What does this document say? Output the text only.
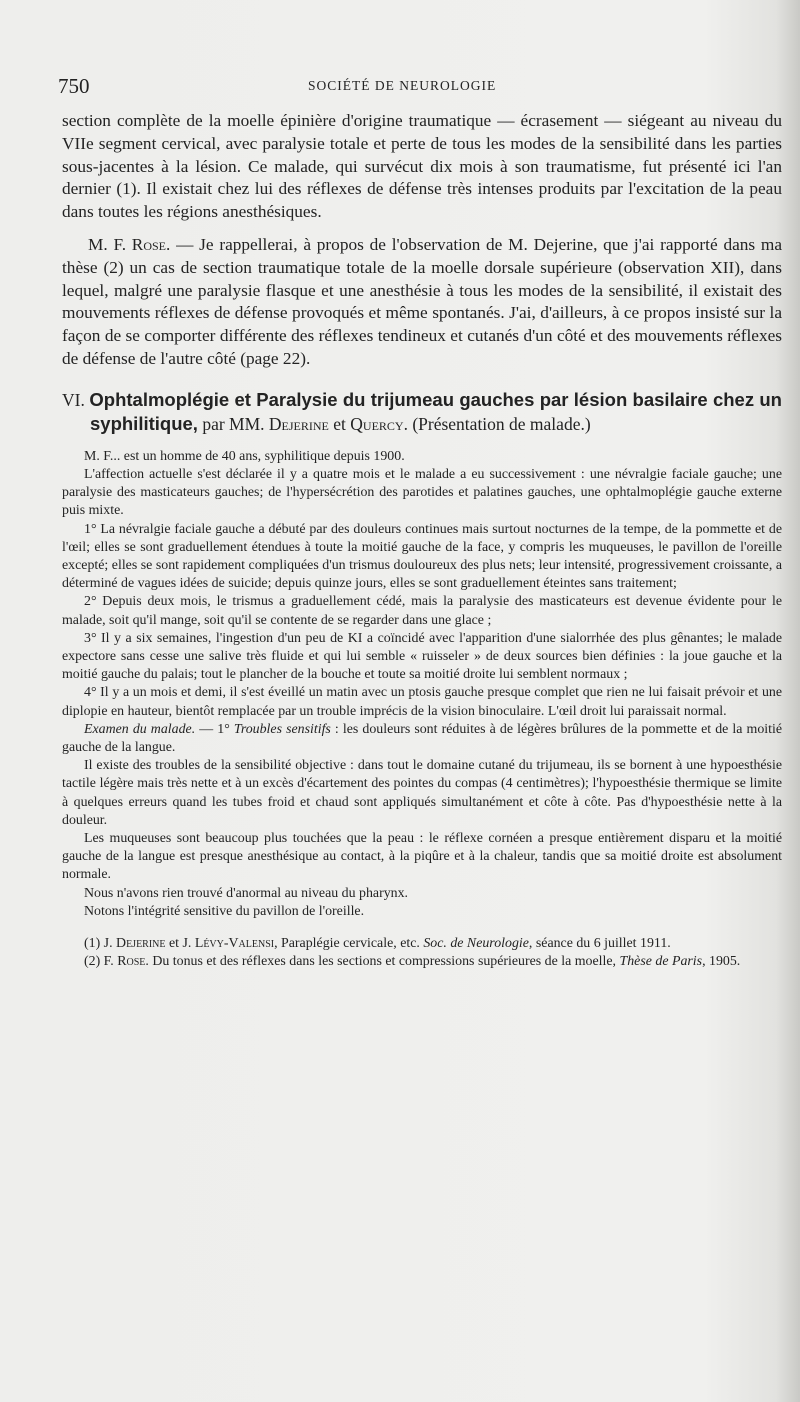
750	SOCIÉTÉ DE NEUROLOGIE

section complète de la moelle épinière d'origine traumatique — écrasement — siégeant au niveau du VIIe segment cervical, avec paralysie totale et perte de tous les modes de la sensibilité dans les parties sous-jacentes à la lésion. Ce malade, qui survécut dix mois à son traumatisme, fut présenté ici l'an dernier (1). Il existait chez lui des réflexes de défense très intenses produits par l'excitation de la peau dans toutes les régions anesthésiques.

M. F. Rose. — Je rappellerai, à propos de l'observation de M. Dejerine, que j'ai rapporté dans ma thèse (2) un cas de section traumatique totale de la moelle dorsale supérieure (observation XII), dans lequel, malgré une paralysie flasque et une anesthésie à tous les modes de la sensibilité, il existait des mouvements réflexes de défense provoqués et même spontanés. J'ai, d'ailleurs, à ce propos insisté sur la façon de se comporter différente des réflexes tendineux et cutanés d'un côté et des mouvements réflexes de défense de l'autre côté (page 22).

VI. Ophtalmoplégie et Paralysie du trijumeau gauches par lésion basilaire chez un syphilitique, par MM. Dejerine et Quercy. (Présentation de malade.)

M. F... est un homme de 40 ans, syphilitique depuis 1900.

L'affection actuelle s'est déclarée il y a quatre mois et le malade a eu successivement : une névralgie faciale gauche; une paralysie des masticateurs gauches; de l'hypersécrétion des parotides et palatines gauches, une ophtalmoplégie gauche externe puis mixte.

1° La névralgie faciale gauche a débuté par des douleurs continues mais surtout nocturnes de la tempe, de la pommette et de l'œil; elles se sont graduellement étendues à toute la moitié gauche de la face, y compris les muqueuses, le pavillon de l'oreille excepté; elles se sont rapidement compliquées d'un trismus douloureux des plus nets; leur intensité, progressivement croissante, a déterminé de vagues idées de suicide; depuis quinze jours, elles se sont graduellement éteintes sans traitement;

2° Depuis deux mois, le trismus a graduellement cédé, mais la paralysie des masticateurs est devenue évidente pour le malade, soit qu'il mange, soit qu'il se contente de se regarder dans une glace ;

3° Il y a six semaines, l'ingestion d'un peu de KI a coïncidé avec l'apparition d'une sialorrhée des plus gênantes; le malade expectore sans cesse une salive très fluide et qui lui semble « ruisseler » de deux sources bien définies : la joue gauche et la moitié gauche du palais; tout le plancher de la bouche et toute sa moitié droite lui semblent normaux ;

4° Il y a un mois et demi, il s'est éveillé un matin avec un ptosis gauche presque complet que rien ne lui faisait prévoir et une diplopie en hauteur, bientôt remplacée par un trouble imprécis de la vision binoculaire. L'œil droit lui paraissait normal.

Examen du malade. — 1° Troubles sensitifs : les douleurs sont réduites à de légères brûlures de la pommette et de la moitié gauche de la langue.

Il existe des troubles de la sensibilité objective : dans tout le domaine cutané du trijumeau, ils se bornent à une hypoesthésie tactile légère mais très nette et à un excès d'écartement des pointes du compas (4 centimètres); l'hypoesthésie thermique se limite à quelques erreurs quand les tubes froid et chaud sont appliqués simultanément et côte à côte. Pas d'hypoesthésie nette à la douleur.

Les muqueuses sont beaucoup plus touchées que la peau : le réflexe cornéen a presque entièrement disparu et la moitié gauche de la langue est presque anesthésique au contact, à la piqûre et à la chaleur, tandis que sa moitié droite est absolument normale.

Nous n'avons rien trouvé d'anormal au niveau du pharynx.

Notons l'intégrité sensitive du pavillon de l'oreille.

(1) J. Dejerine et J. Lévy-Valensi, Paraplégie cervicale, etc. Soc. de Neurologie, séance du 6 juillet 1911.

(2) F. Rose. Du tonus et des réflexes dans les sections et compressions supérieures de la moelle, Thèse de Paris, 1905.
